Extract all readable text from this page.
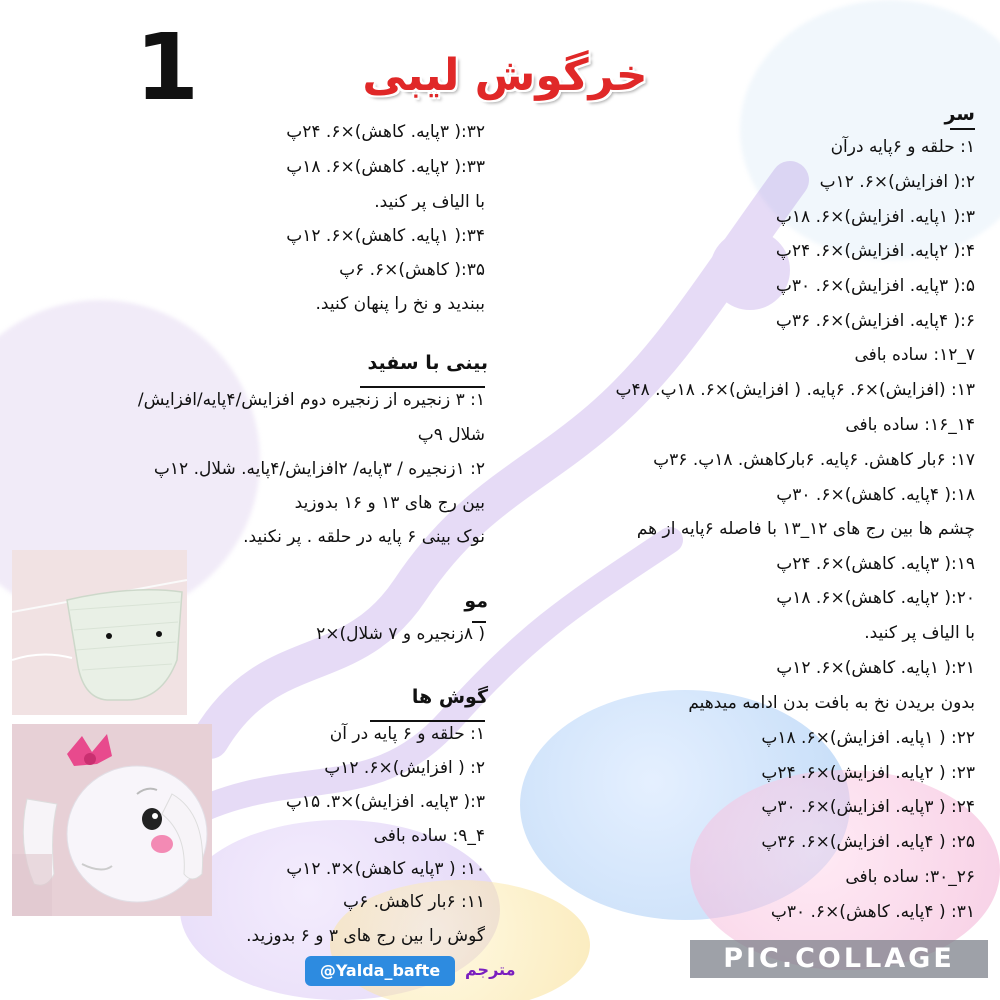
1	خرگوش لیبی
سر
۱: حلقه و ۶پایه درآن
۲:( افزایش)×۶. ۱۲پ
۳:( ۱پایه. افزایش)×۶. ۱۸پ
۴:( ۲پایه. افزایش)×۶. ۲۴پ
۵:( ۳پایه. افزایش)×۶. ۳۰پ
۶:( ۴پایه. افزایش)×۶. ۳۶پ
۷_۱۲: ساده بافی
۱۳: (افزایش)×۶. ۶پایه. ( افزایش)×۶. ۱۸پ. ۴۸پ
۱۴_۱۶: ساده بافی
۱۷: ۶بار کاهش. ۶پایه. ۶بارکاهش. ۱۸پ. ۳۶پ
۱۸:( ۴پایه. کاهش)×۶. ۳۰پ
چشم ها بین رج های ۱۲_۱۳ با فاصله ۶پایه از هم
۱۹:( ۳پایه. کاهش)×۶. ۲۴پ
۲۰:( ۲پایه. کاهش)×۶. ۱۸پ
با الیاف پر کنید.
۲۱:( ۱پایه. کاهش)×۶. ۱۲پ
بدون بریدن نخ به بافت بدن ادامه میدهیم
۲۲: ( ۱پایه. افزایش)×۶. ۱۸پ
۲۳: ( ۲پایه. افزایش)×۶. ۲۴پ
۲۴: ( ۳پایه. افزایش)×۶. ۳۰پ
۲۵: ( ۴پایه. افزایش)×۶. ۳۶پ
۲۶_۳۰: ساده بافی
۳۱: ( ۴پایه. کاهش)×۶. ۳۰پ
۳۲:( ۳پایه. کاهش)×۶. ۲۴پ
۳۳:( ۲پایه. کاهش)×۶. ۱۸پ
با الیاف پر کنید.
۳۴:( ۱پایه. کاهش)×۶. ۱۲پ
۳۵:( کاهش)×۶. ۶پ
ببندید و نخ را پنهان کنید.
بینی با سفید
۱: ۳ زنجیره از زنجیره دوم افزایش/۴پایه/افزایش/
شلال ۹پ
۲: ۱زنجیره / ۳پایه/ ۲افزایش/۴پایه. شلال. ۱۲پ
بین رج های ۱۳ و ۱۶ بدوزید
نوک بینی ۶ پایه در حلقه . پر نکنید.
مو
( ۸زنجیره و ۷ شلال)×۲
گوش ها
۱: حلقه و ۶ پایه در آن
۲: ( افزایش)×۶. ۱۲پ
۳:( ۳پایه. افزایش)×۳. ۱۵پ
۴_۹: ساده بافی
۱۰: ( ۳پایه کاهش)×۳. ۱۲پ
۱۱: ۶بار کاهش. ۶پ
گوش را بین رج های ۳ و ۶ بدوزید.
PIC.COLLAGE
@Yalda_bafte	مترجم
